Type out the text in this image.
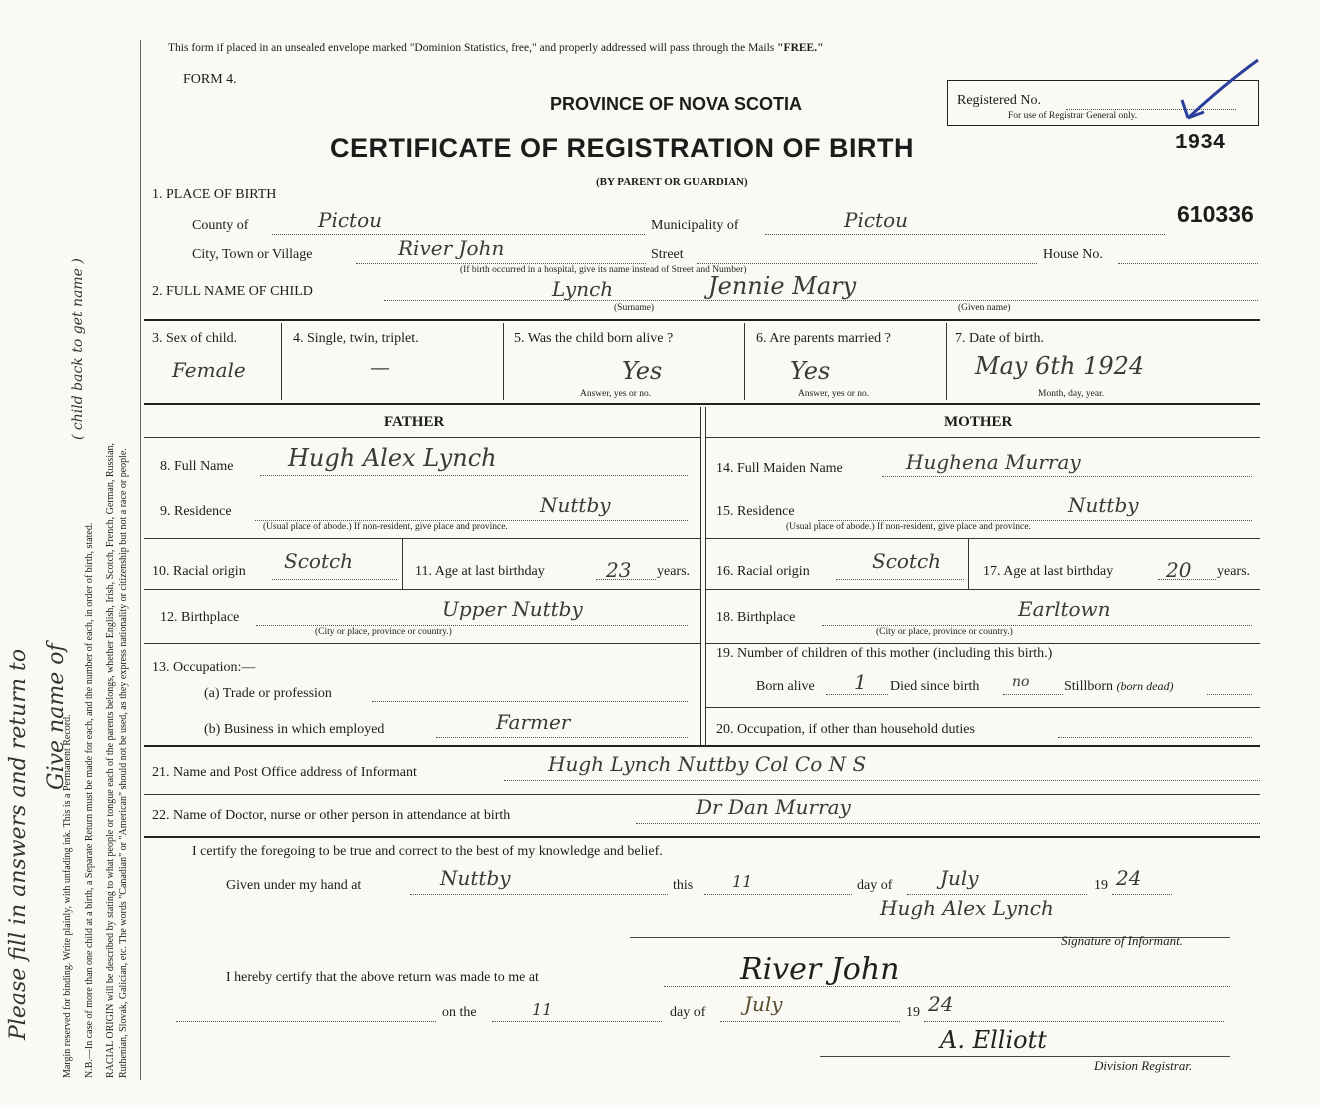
Please fill in answers and return to Give name of
( child back to get name )
Margin reserved for binding. Write plainly, with unfading ink. This is a Permanent Record. N.B.—In case of more than one child at a birth, a Separate Return must be made for each, and the number of each, in order of birth, stated. RACIAL ORIGIN will be described by stating to what people or tongue each of the parents belongs, whether English, Irish, Scotch, French, German, Russian, Ruthenian, Slovak, Galician, etc. The words "Canadian" or "American" should not be used, as they express nationality or citizenship but not a race or people.
This form if placed in an unsealed envelope marked "Dominion Statistics, free," and properly addressed will pass through the Mails "FREE."
FORM 4.
PROVINCE OF NOVA SCOTIA
CERTIFICATE OF REGISTRATION OF BIRTH
(BY PARENT OR GUARDIAN)
Registered No.
For use of Registrar General only.
1934
610336
1. PLACE OF BIRTH
County of	Pictou	Municipality of	Pictou
City, Town or Village	River John	Street	House No.
(If birth occurred in a hospital, give its name instead of Street and Number)
2. FULL NAME OF CHILD	Lynch	Jennie Mary
(Surname)	(Given name)
3. Sex of child.
Female
4. Single, twin, triplet.
—
5. Was the child born alive ?
Yes
Answer, yes or no.
6. Are parents married ?
Yes
Answer, yes or no.
7. Date of birth.
May 6th 1924
Month, day, year.
FATHER
8. Full Name Hugh Alex Lynch
9. Residence	Nuttby
(Usual place of abode.) If non-resident, give place and province.
10. Racial origin Scotch	11. Age at last birthday	23 years.
12. Birthplace	Upper Nuttby
(City or place, province or country.)
13. Occupation:—
(a) Trade or profession
(b) Business in which employed	Farmer
MOTHER
14. Full Maiden Name	Hughena Murray
15. Residence	Nuttby
(Usual place of abode.) If non-resident, give place and province.
16. Racial origin	Scotch	17. Age at last birthday	20 years.
18. Birthplace	Earltown
(City or place, province or country.)
19. Number of children of this mother (including this birth.)
Born alive 1 Died since birth no Stillborn (born dead)
20. Occupation, if other than household duties
21. Name and Post Office address of Informant	Hugh Lynch Nuttby Col Co N S
22. Name of Doctor, nurse or other person in attendance at birth	Dr Dan Murray
I certify the foregoing to be true and correct to the best of my knowledge and belief.
Given under my hand at	Nuttby	this 11	day of July	19 24
Hugh Alex Lynch
Signature of Informant.
I hereby certify that the above return was made to me at	River John
on the	11	day of July	19 24
A. Elliott
Division Registrar.
